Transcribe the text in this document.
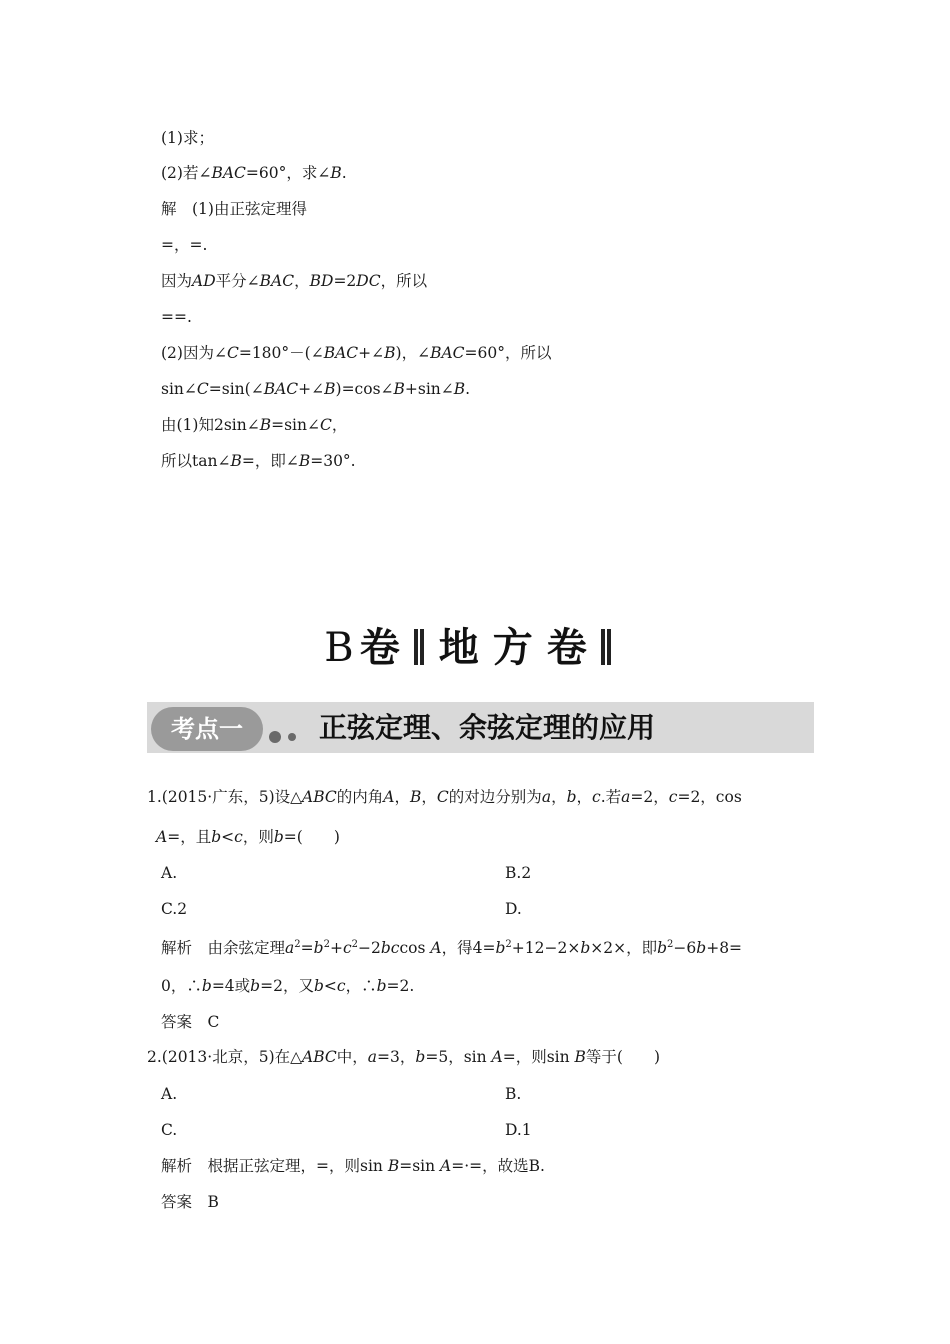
(1)求；
(2)若∠BAC=60°，求∠B.
解　(1)由正弦定理得
=，=.
因为AD平分∠BAC，BD=2DC，所以
==.
(2)因为∠C=180°－(∠BAC+∠B)，∠BAC=60°，所以
sin∠C=sin(∠BAC+∠B)=cos∠B+sin∠B.
由(1)知2sin∠B=sin∠C，
所以tan∠B=，即∠B=30°.
B 卷 地方卷
考点一	正弦定理、余弦定理的应用
1.(2015·广东，5)设△ABC的内角A，B，C的对边分别为a，b，c.若a=2，c=2，cos
A=，且b<c，则b=(　　)
A.	B.2
C.2	D.
解析　由余弦定理$a^2=b^2+c^2-2bccos$ A，得$4=b^2+12-2\times b\times 2\times$，即$b^2-6b+8=$
0，∴b=4或b=2，又b<c，∴b=2.
答案　C
2.(2013·北京，5)在△ABC中，a=3，b=5，sin A=，则sin B等于(　　)
A.	B.
C.	D.1
解析　根据正弦定理，=，则sin B=sin A=·=，故选B.
答案　B
